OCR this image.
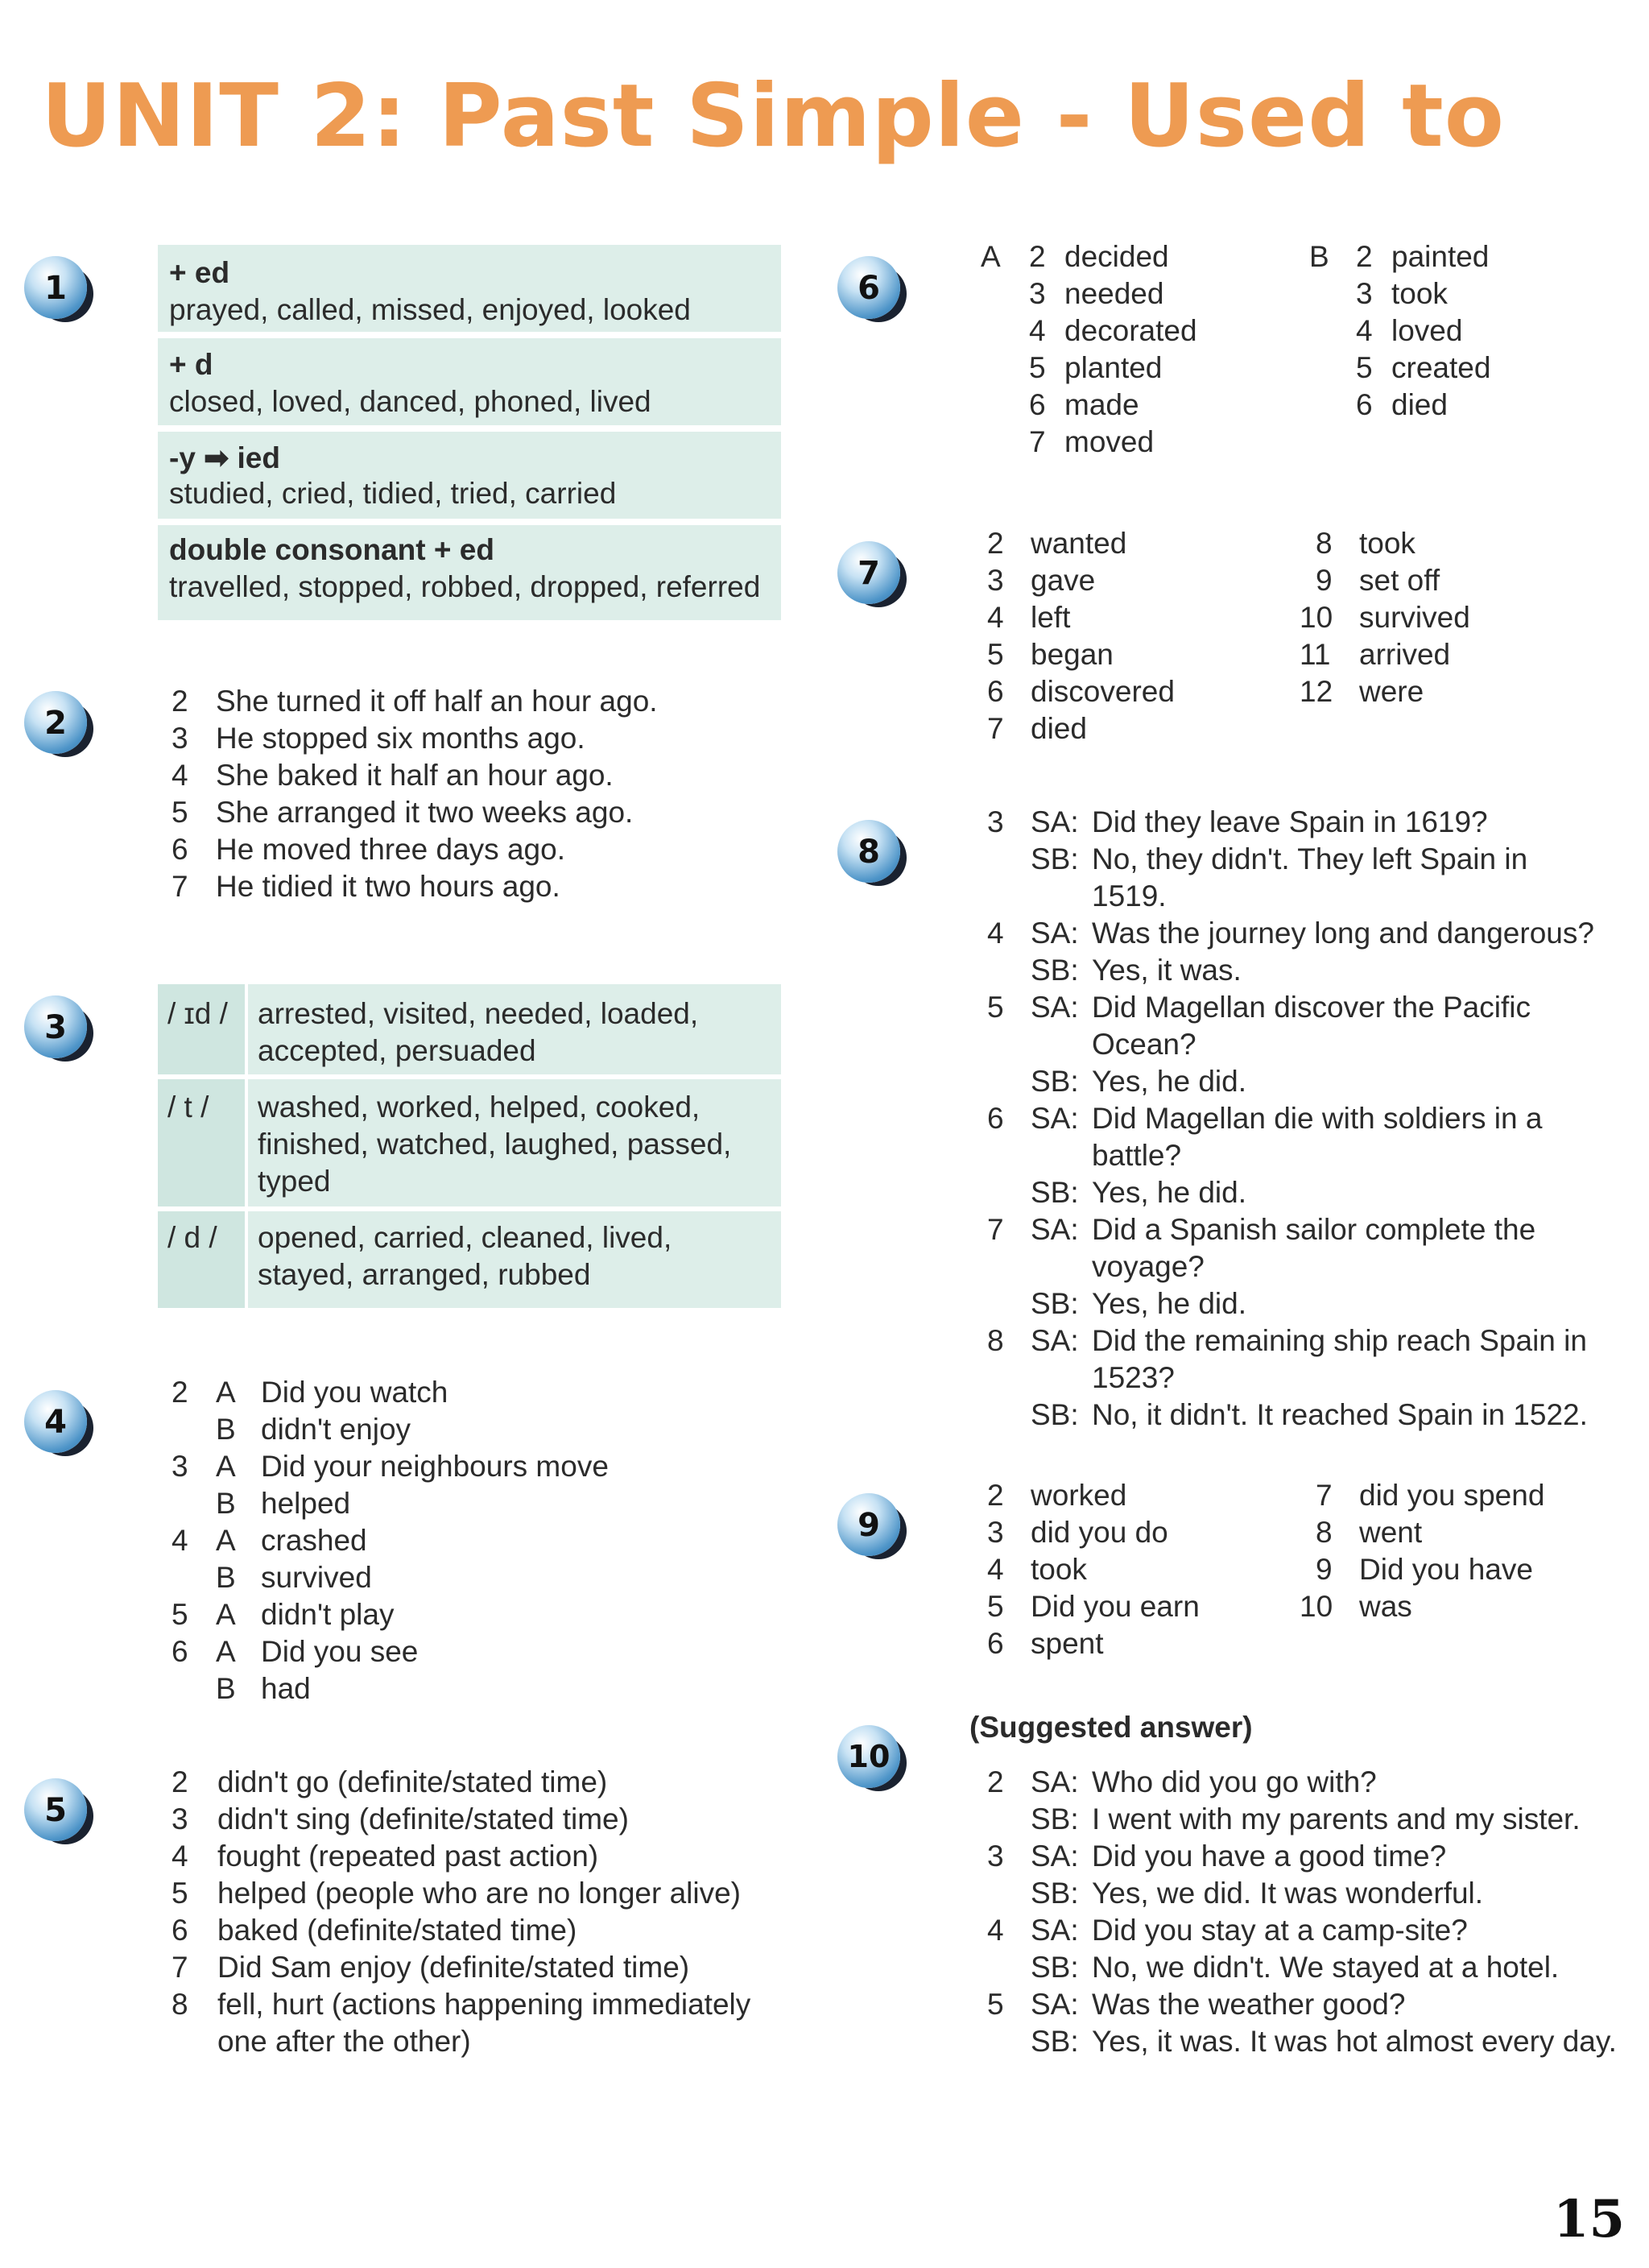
UNIT 2: Past Simple - Used to
1	+ ed
prayed, called, missed, enjoyed, looked
+ d
closed, loved, danced, phoned, lived
-y ➡ ied
studied, cried, tidied, tried, carried
double consonant + ed
travelled, stopped, robbed, dropped, referred
2
2 She turned it off half an hour ago.
3 He stopped six months ago.
4 She baked it half an hour ago.
5 She arranged it two weeks ago.
6 He moved three days ago.
7 He tidied it two hours ago.
3	/ ɪd / arrested, visited, needed, loaded,
accepted, persuaded
/ t / washed, worked, helped, cooked,
finished, watched, laughed, passed,
typed
/ d / opened, carried, cleaned, lived,
stayed, arranged, rubbed
4
2 A Did you watch
B didn't enjoy
3 A Did your neighbours move
B helped
4 A crashed
B survived
5 A didn't play
6 A Did you see
B had
5
2 didn't go (definite/stated time)
3 didn't sing (definite/stated time)
4 fought (repeated past action)
5 helped (people who are no longer alive)
6 baked (definite/stated time)
7 Did Sam enjoy (definite/stated time)
8 fell, hurt (actions happening immediately
one after the other)
6
A 2 decided
3 needed
4 decorated
5 planted
6 made
7 moved
B 2 painted
3 took
4 loved
5 created
6 died
7
2 wanted
3 gave
4 left
5 began
6 discovered
7 died
8 took
9 set off
10 survived
11 arrived
12 were
8
3 SA: Did they leave Spain in 1619?
SB: No, they didn't. They left Spain in
1519.
4 SA: Was the journey long and dangerous?
SB: Yes, it was.
5 SA: Did Magellan discover the Pacific
Ocean?
SB: Yes, he did.
6 SA: Did Magellan die with soldiers in a
battle?
SB: Yes, he did.
7 SA: Did a Spanish sailor complete the
voyage?
SB: Yes, he did.
8 SA: Did the remaining ship reach Spain in
1523?
SB: No, it didn't. It reached Spain in 1522.
9
2 worked
3 did you do
4 took
5 Did you earn
6 spent
7 did you spend
8 went
9 Did you have
10 was
10
(Suggested answer)
2 SA: Who did you go with?
SB: I went with my parents and my sister.
3 SA: Did you have a good time?
SB: Yes, we did. It was wonderful.
4 SA: Did you stay at a camp-site?
SB: No, we didn't. We stayed at a hotel.
5 SA: Was the weather good?
SB: Yes, it was. It was hot almost every day.
15
